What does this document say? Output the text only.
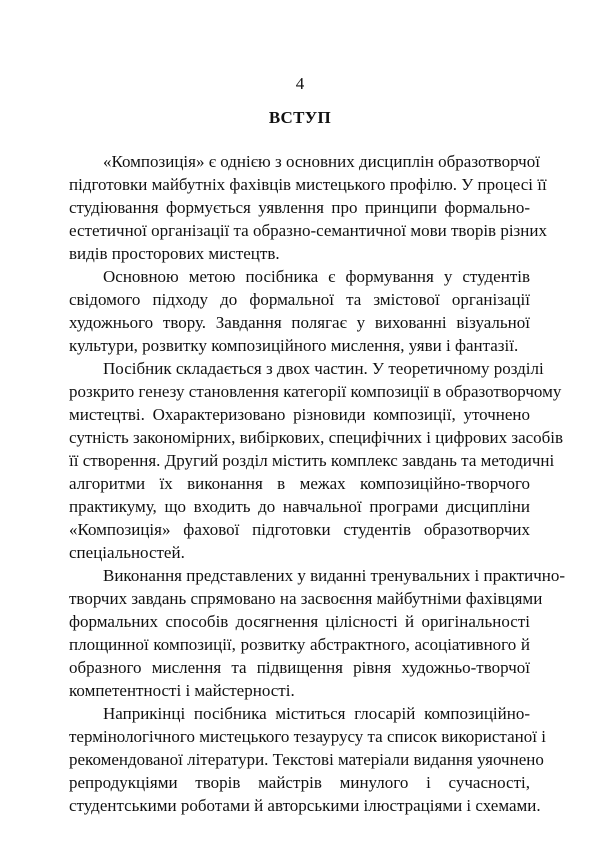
4
ВСТУП

«Композиція» є однією з основних дисциплін образотворчої
підготовки майбутніх фахівців мистецького профілю. У процесі її
студіювання формується уявлення про принципи формально-
естетичної організації та образно-семантичної мови творів різних
видів просторових мистецтв.

Основною метою посібника є формування у студентів
свідомого підходу до формальної та змістової організації
художнього твору. Завдання полягає у вихованні візуальної
культури, розвитку композиційного мислення, уяви і фантазії.

Посібник складається з двох частин. У теоретичному розділі
розкрито генезу становлення категорії композиції в образотворчому
мистецтві. Охарактеризовано різновиди композиції, уточнено
сутність закономірних, вибіркових, специфічних і цифрових засобів
її створення. Другий розділ містить комплекс завдань та методичні
алгоритми їх виконання в межах композиційно-творчого
практикуму, що входить до навчальної програми дисципліни
«Композиція» фахової підготовки студентів образотворчих
спеціальностей.

Виконання представлених у виданні тренувальних і практично-
творчих завдань спрямовано на засвоєння майбутніми фахівцями
формальних способів досягнення цілісності й оригінальності
площинної композиції, розвитку абстрактного, асоціативного й
образного мислення та підвищення рівня художньо-творчої
компетентності і майстерності.

Наприкінці посібника міститься глосарій композиційно-
термінологічного мистецького тезаурусу та список використаної і
рекомендованої літератури. Текстові матеріали видання уяочнено
репродукціями творів майстрів минулого і сучасності,
студентськими роботами й авторськими ілюстраціями і схемами.
